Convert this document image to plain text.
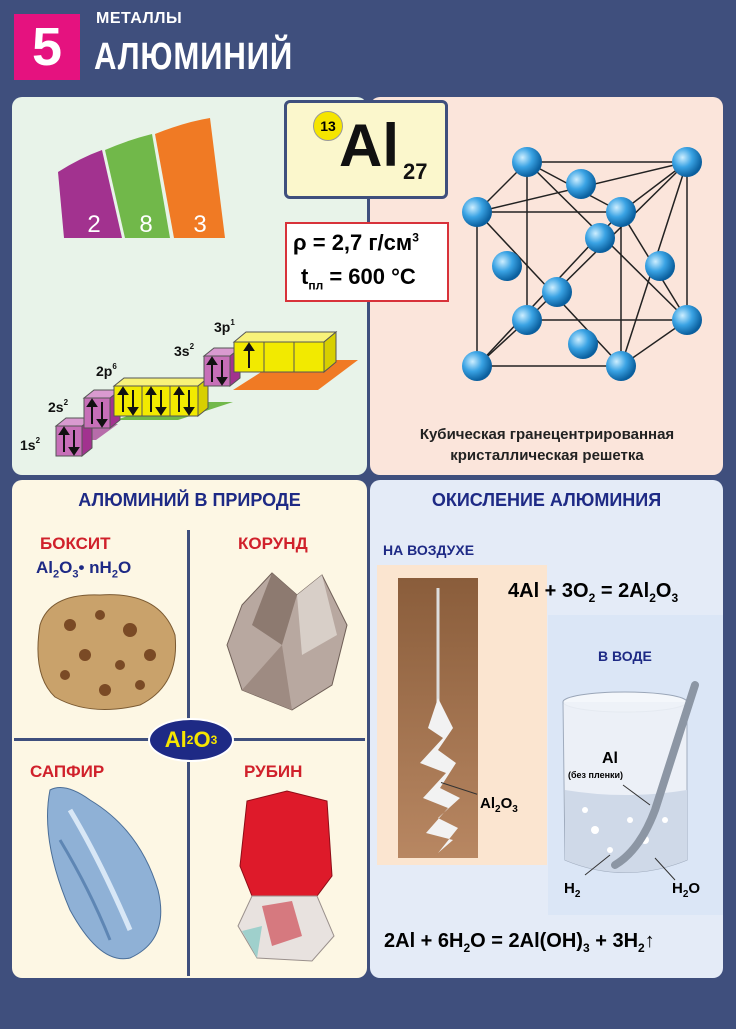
5	МЕТАЛЛЫ
АЛЮМИНИЙ
2 8 3
13 Al 27
ρ = 2,7 $г/см^3$
$t_{пл} = 600$ °C
$1s^2$
$2s^2$
$2p^6$
$3s^2$
$3p^1$
Кубическая гранецентрированная
кристаллическая решетка
АЛЮМИНИЙ В ПРИРОДЕ
БОКСИТ
$Al_2O_3•$ $nH_2O$
КОРУНД
САПФИР	РУБИН
Al 2 O 3
ОКИСЛЕНИЕ АЛЮМИНИЯ
НА ВОЗДУХЕ
$Al_2O_3$
$4Al + 3O_2 = 2Al_2O_3$
В ВОДЕ
Al
(без пленки)
$H_2$	$H_2O$
$2Al + 6H_2O = 2Al(OH)_3$ + $3H_2↑$
